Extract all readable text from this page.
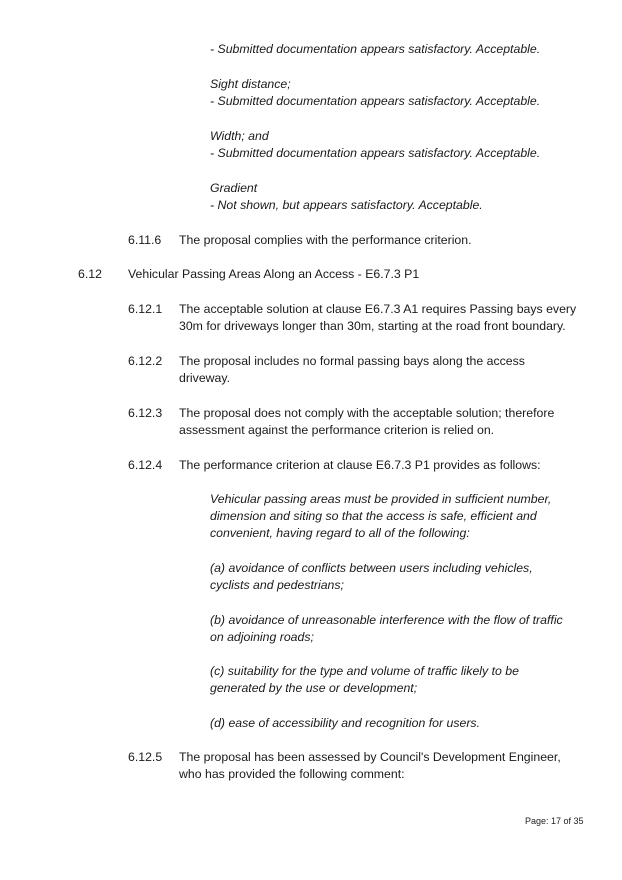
- Submitted documentation appears satisfactory. Acceptable.
Sight distance;
- Submitted documentation appears satisfactory. Acceptable.
Width; and
- Submitted documentation appears satisfactory. Acceptable.
Gradient
- Not shown, but appears satisfactory. Acceptable.
6.11.6 The proposal complies with the performance criterion.
6.12 Vehicular Passing Areas Along an Access - E6.7.3 P1
6.12.1 The acceptable solution at clause E6.7.3 A1 requires Passing bays every
30m for driveways longer than 30m, starting at the road front boundary.
6.12.2 The proposal includes no formal passing bays along the access
driveway.
6.12.3 The proposal does not comply with the acceptable solution; therefore
assessment against the performance criterion is relied on.
6.12.4 The performance criterion at clause E6.7.3 P1 provides as follows:
Vehicular passing areas must be provided in sufficient number,
dimension and siting so that the access is safe, efficient and
convenient, having regard to all of the following:
(a) avoidance of conflicts between users including vehicles,
cyclists and pedestrians;
(b) avoidance of unreasonable interference with the flow of traffic
on adjoining roads;
(c) suitability for the type and volume of traffic likely to be
generated by the use or development;
(d) ease of accessibility and recognition for users.
6.12.5 The proposal has been assessed by Council's Development Engineer,
who has provided the following comment:
Page: 17 of 35
